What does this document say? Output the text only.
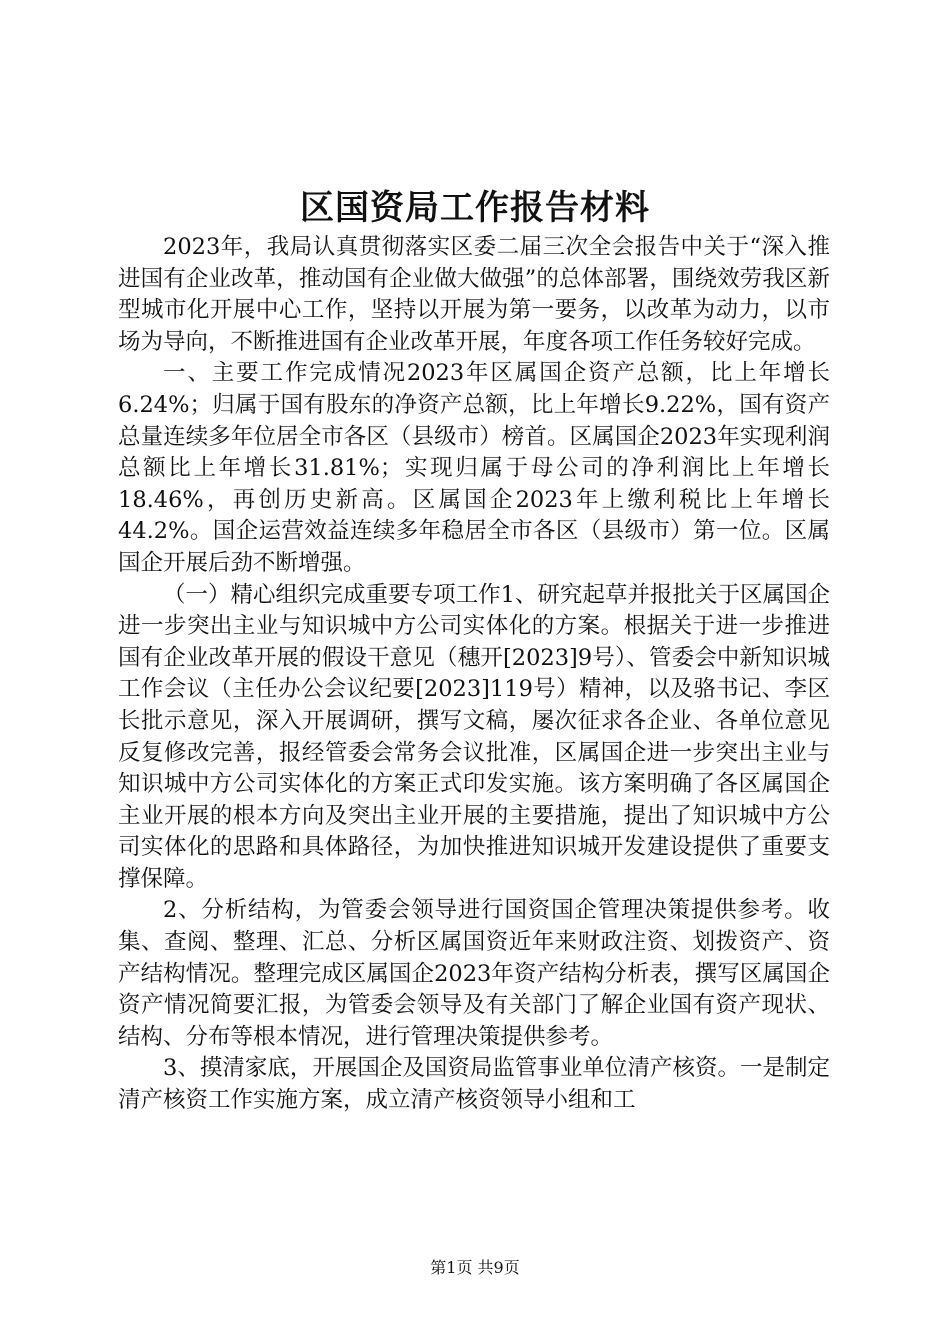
区国资局工作报告材料

2023年，我局认真贯彻落实区委二届三次全会报告中关于“深入推进国有企业改革，推动国有企业做大做强”的总体部署，围绕效劳我区新型城市化开展中心工作，坚持以开展为第一要务，以改革为动力，以市场为导向，不断推进国有企业改革开展，年度各项工作任务较好完成。

一、主要工作完成情况2023年区属国企资产总额，比上年增长6.24%；归属于国有股东的净资产总额，比上年增长9.22%，国有资产总量连续多年位居全市各区（县级市）榜首。区属国企2023年实现利润总额比上年增长31.81%；实现归属于母公司的净利润比上年增长18.46%，再创历史新高。区属国企2023年上缴利税比上年增长44.2%。国企运营效益连续多年稳居全市各区（县级市）第一位。区属国企开展后劲不断增强。

（一）精心组织完成重要专项工作1、研究起草并报批关于区属国企进一步突出主业与知识城中方公司实体化的方案。根据关于进一步推进国有企业改革开展的假设干意见（穗开[2023]9号）、管委会中新知识城工作会议（主任办公会议纪要[2023]119号）精神，以及骆书记、李区长批示意见，深入开展调研，撰写文稿，屡次征求各企业、各单位意见反复修改完善，报经管委会常务会议批准，区属国企进一步突出主业与知识城中方公司实体化的方案正式印发实施。该方案明确了各区属国企主业开展的根本方向及突出主业开展的主要措施，提出了知识城中方公司实体化的思路和具体路径，为加快推进知识城开发建设提供了重要支撑保障。

2、分析结构，为管委会领导进行国资国企管理决策提供参考。收集、查阅、整理、汇总、分析区属国资近年来财政注资、划拨资产、资产结构情况。整理完成区属国企2023年资产结构分析表，撰写区属国企资产情况简要汇报，为管委会领导及有关部门了解企业国有资产现状、结构、分布等根本情况，进行管理决策提供参考。

3、摸清家底，开展国企及国资局监管事业单位清产核资。一是制定清产核资工作实施方案，成立清产核资领导小组和工

第1页 共9页
